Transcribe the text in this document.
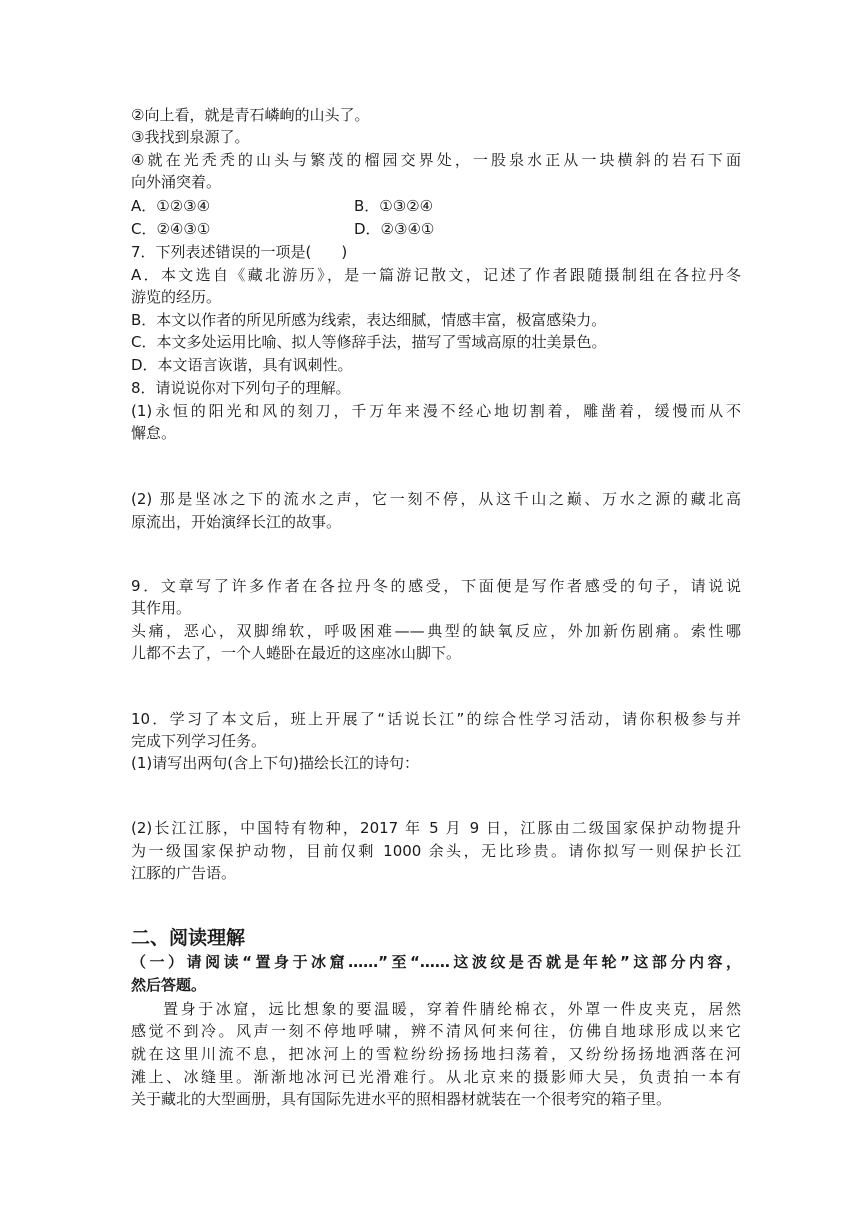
②向上看，就是青石嶙峋的山头了。
③我找到泉源了。
④就在光秃秃的山头与繁茂的榴园交界处，一股泉水正从一块横斜的岩石下面
向外涌突着。
A．①②③④	B．①③②④
C．②④③①	D．②③④①
7．下列表述错误的一项是(　　)
A．本文选自《藏北游历》，是一篇游记散文，记述了作者跟随摄制组在各拉丹冬
游览的经历。
B．本文以作者的所见所感为线索，表达细腻，情感丰富，极富感染力。
C．本文多处运用比喻、拟人等修辞手法，描写了雪域高原的壮美景色。
D．本文语言诙谐，具有讽刺性。
8．请说说你对下列句子的理解。
(1)永恒的阳光和风的刻刀，千万年来漫不经心地切割着，雕凿着，缓慢而从不
懈怠。
(2) 那是坚冰之下的流水之声，它一刻不停，从这千山之巅、万水之源的藏北高
原流出，开始演绎长江的故事。
9．文章写了许多作者在各拉丹冬的感受，下面便是写作者感受的句子，请说说
其作用。
头痛，恶心，双脚绵软，呼吸困难——典型的缺氧反应，外加新伤剧痛。索性哪
儿都不去了，一个人蜷卧在最近的这座冰山脚下。
10．学习了本文后，班上开展了“话说长江”的综合性学习活动，请你积极参与并
完成下列学习任务。
(1)请写出两句(含上下句)描绘长江的诗句：
(2)长江江豚，中国特有物种，2017 年 5 月 9 日，江豚由二级国家保护动物提升
为一级国家保护动物，目前仅剩 1000 余头，无比珍贵。请你拟写一则保护长江
江豚的广告语。
二、阅读理解
（一）请阅读“置身于冰窟……”至“……这波纹是否就是年轮”这部分内容，
然后答题。
置身于冰窟，远比想象的要温暖，穿着件腈纶棉衣，外罩一件皮夹克，居然
感觉不到冷。风声一刻不停地呼啸，辨不清风何来何往，仿佛自地球形成以来它
就在这里川流不息，把冰河上的雪粒纷纷扬扬地扫荡着，又纷纷扬扬地洒落在河
滩上、冰缝里。渐渐地冰河已光滑难行。从北京来的摄影师大吴，负责拍一本有
关于藏北的大型画册，具有国际先进水平的照相器材就装在一个很考究的箱子里。
